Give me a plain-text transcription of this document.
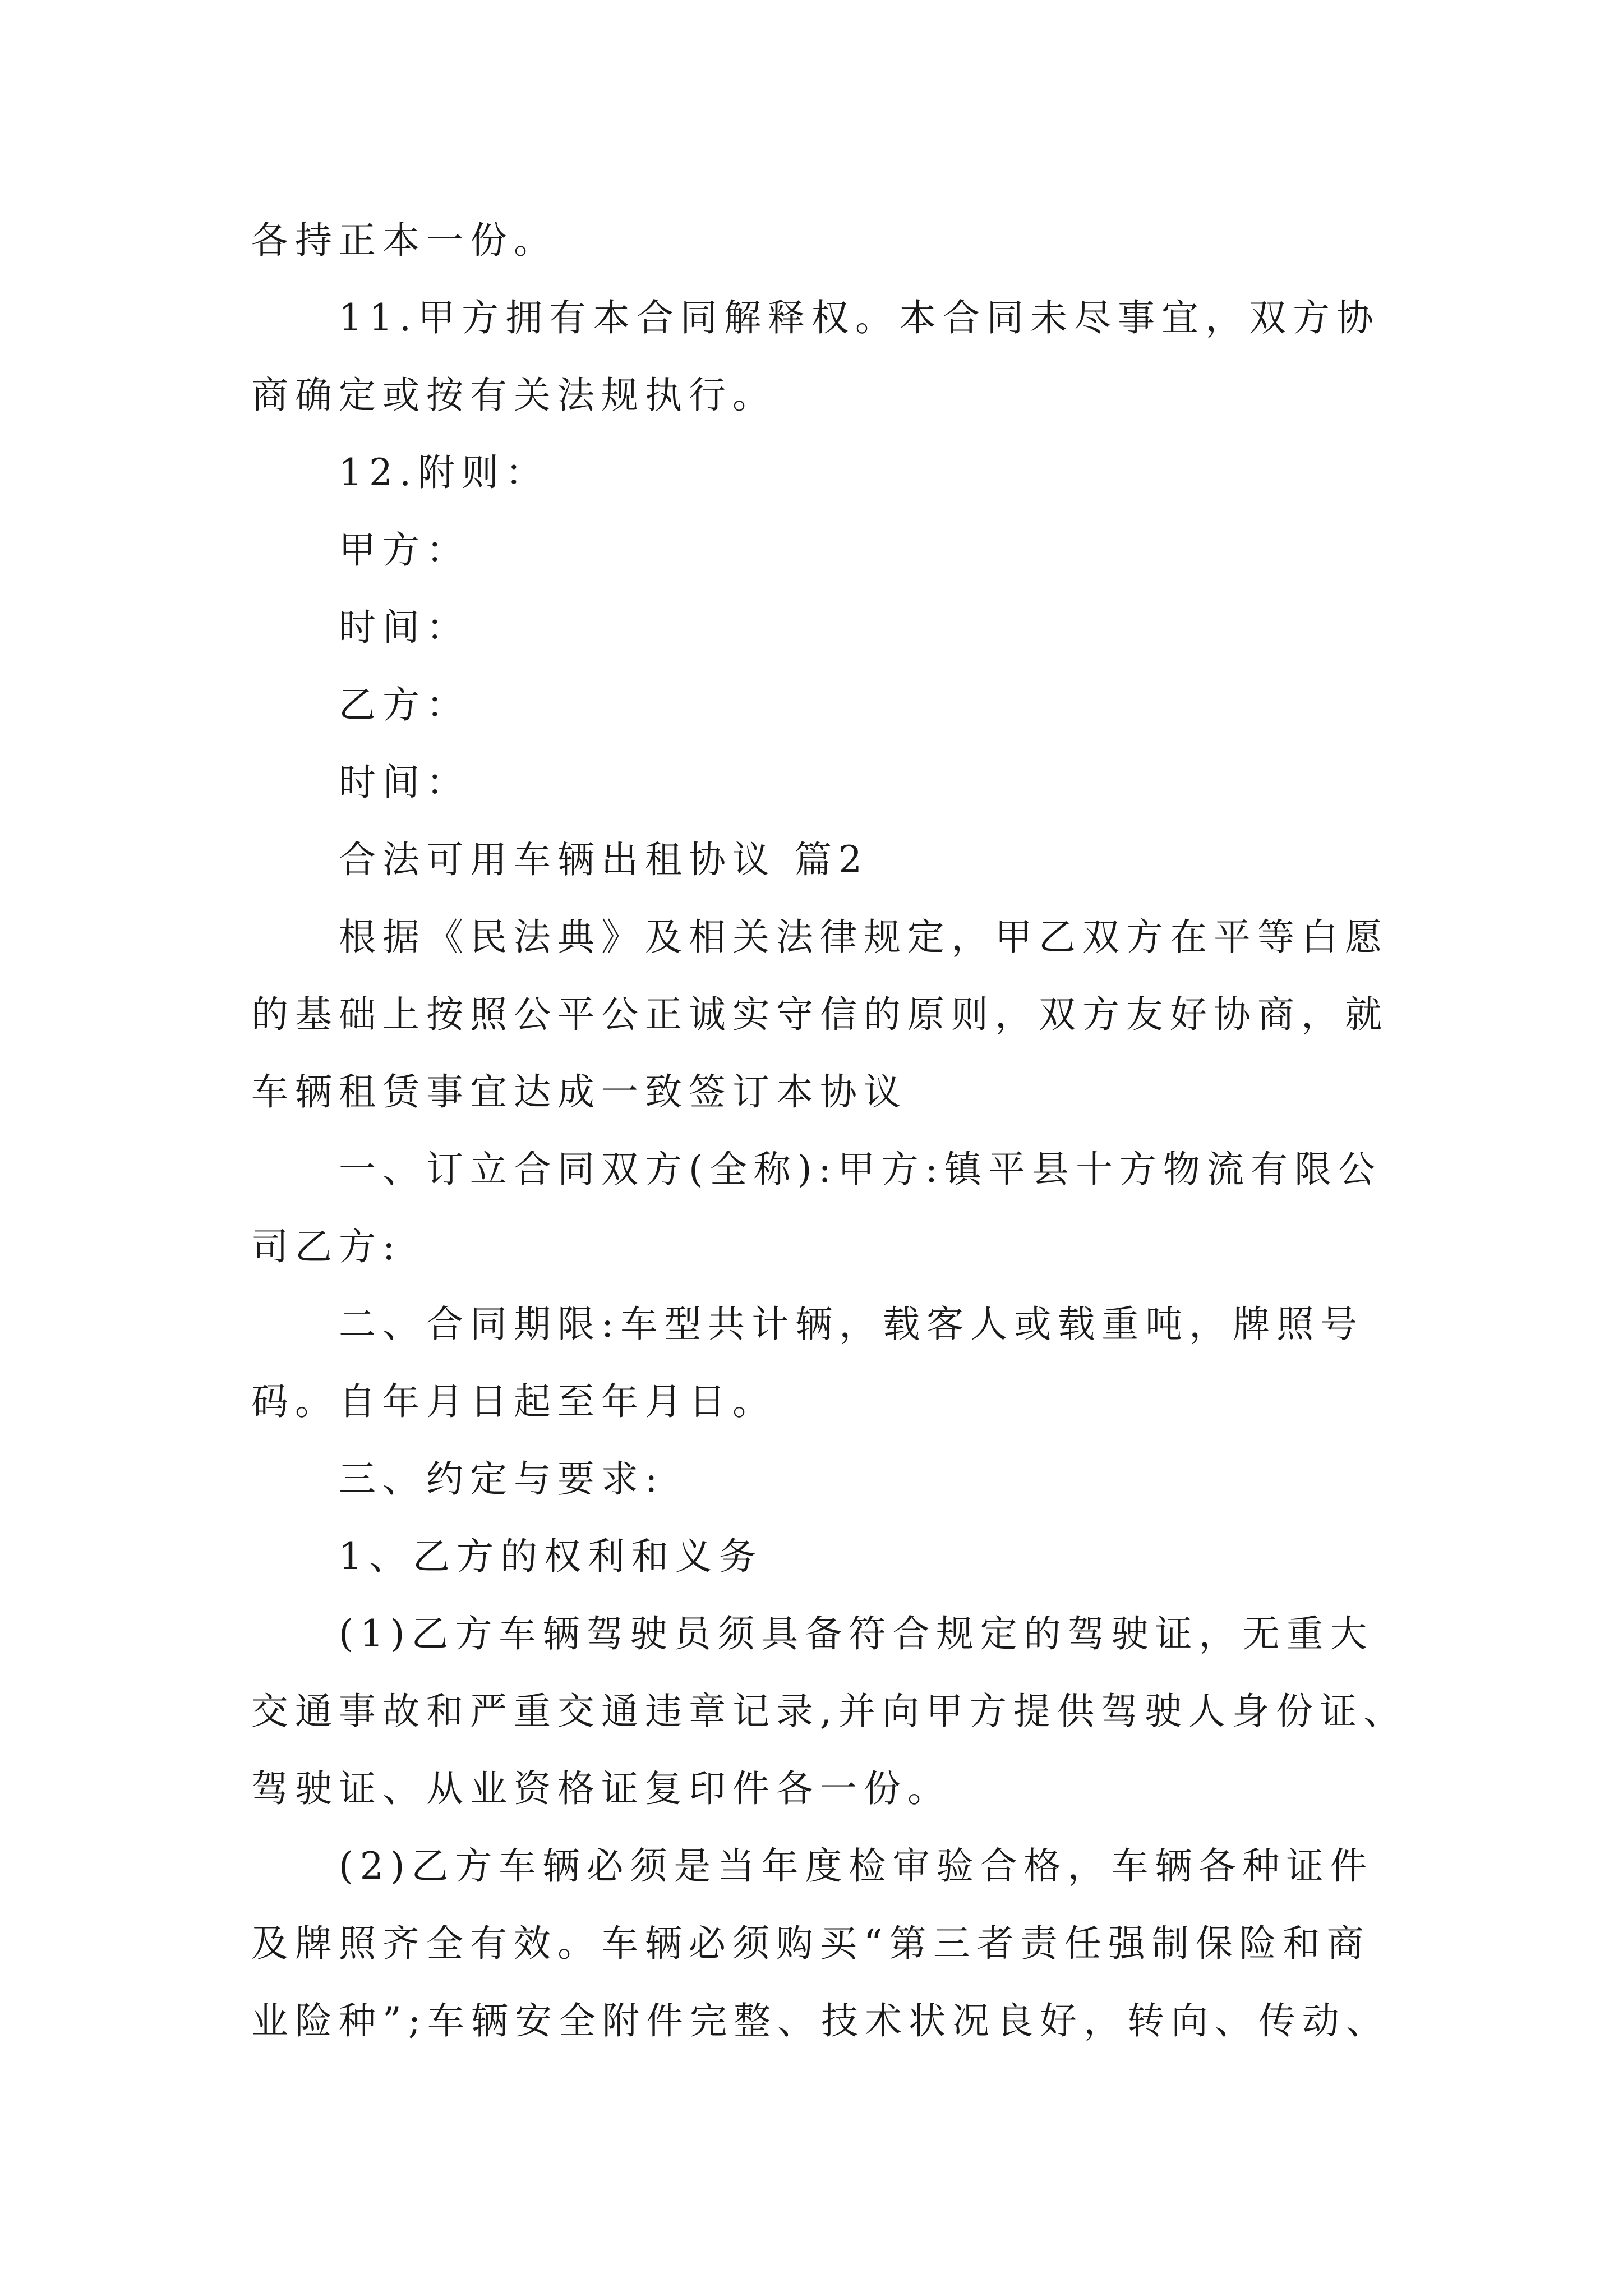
各持正本一份。
11.甲方拥有本合同解释权。本合同未尽事宜，双方协
商确定或按有关法规执行。
12.附则：
甲方：
时间：
乙方：
时间：
合法可用车辆出租协议 篇2
根据《民法典》及相关法律规定，甲乙双方在平等白愿
的基础上按照公平公正诚实守信的原则，双方友好协商，就
车辆租赁事宜达成一致签订本协议
一、订立合同双方(全称):甲方:镇平县十方物流有限公
司乙方:
二、合同期限:车型共计辆，载客人或载重吨，牌照号
码。自年月日起至年月日。
三、约定与要求:
1、乙方的权利和义务
(1)乙方车辆驾驶员须具备符合规定的驾驶证，无重大
交通事故和严重交通违章记录,并向甲方提供驾驶人身份证、
驾驶证、从业资格证复印件各一份。
(2)乙方车辆必须是当年度检审验合格，车辆各种证件
及牌照齐全有效。车辆必须购买“第三者责任强制保险和商
业险种”;车辆安全附件完整、技术状况良好，转向、传动、
